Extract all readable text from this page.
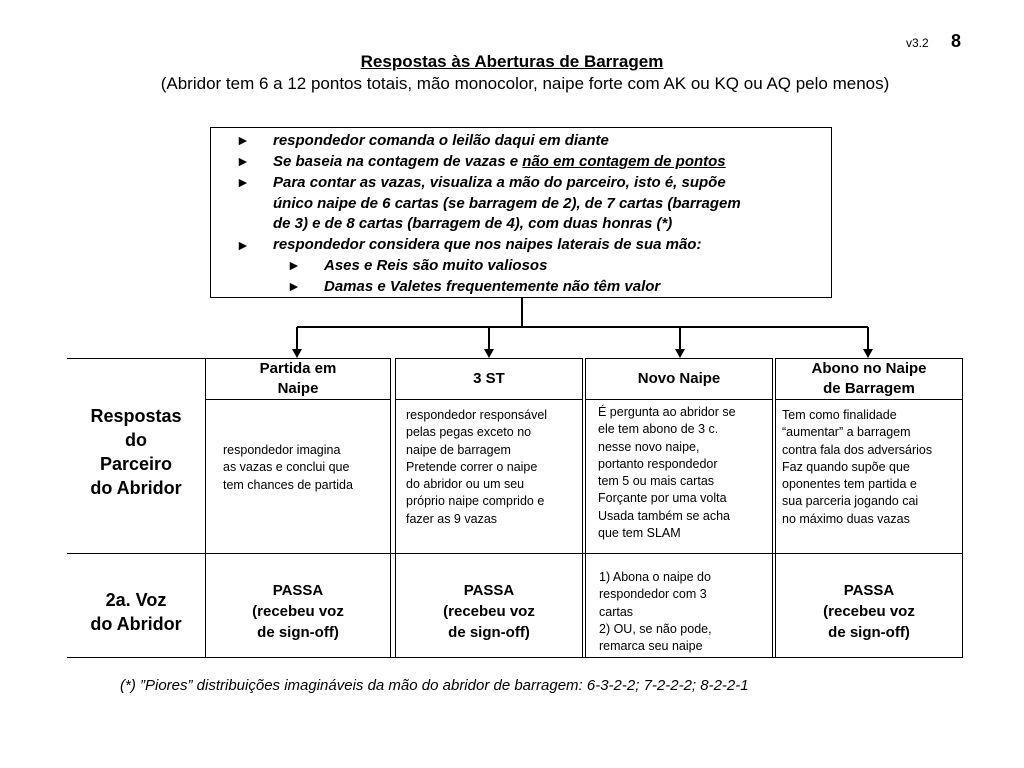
v3.2 8
Respostas às Aberturas de Barragem
(Abridor tem 6 a 12 pontos totais, mão monocolor, naipe forte com AK ou KQ ou AQ pelo menos)
► respondedor comanda o leilão daqui em diante
► Se baseia na contagem de vazas e não em contagem de pontos
► Para contar as vazas, visualiza a mão do parceiro, isto é, supõe
único naipe de 6 cartas (se barragem de 2), de 7 cartas (barragem
de 3) e de 8 cartas (barragem de 4), com duas honras (*)
► respondedor considera que nos naipes laterais de sua mão:
► Ases e Reis são muito valiosos
► Damas e Valetes frequentemente não têm valor
Partida em
Naipe
3 ST	Novo Naipe
Abono no Naipe
de Barragem
Respostas
do
Parceiro
do Abridor
2a. Voz
do Abridor
respondedor imagina
as vazas e conclui que
tem chances de partida
respondedor responsável
pelas pegas exceto no
naipe de barragem
Pretende correr o naipe
do abridor ou um seu
próprio naipe comprido e
fazer as 9 vazas
É pergunta ao abridor se
ele tem abono de 3 c.
nesse novo naipe,
portanto respondedor
tem 5 ou mais cartas
Forçante por uma volta
Usada também se acha
que tem SLAM
Tem como finalidade
“aumentar” a barragem
contra fala dos adversários
Faz quando supõe que
oponentes tem partida e
sua parceria jogando cai
no máximo duas vazas
PASSA
(recebeu voz
de sign-off)
PASSA
(recebeu voz
de sign-off)
1) Abona o naipe do
respondedor com 3
cartas
2) OU, se não pode,
remarca seu naipe
PASSA
(recebeu voz
de sign-off)
(*) ”Piores” distribuições imagináveis da mão do abridor de barragem: 6-3-2-2; 7-2-2-2; 8-2-2-1
